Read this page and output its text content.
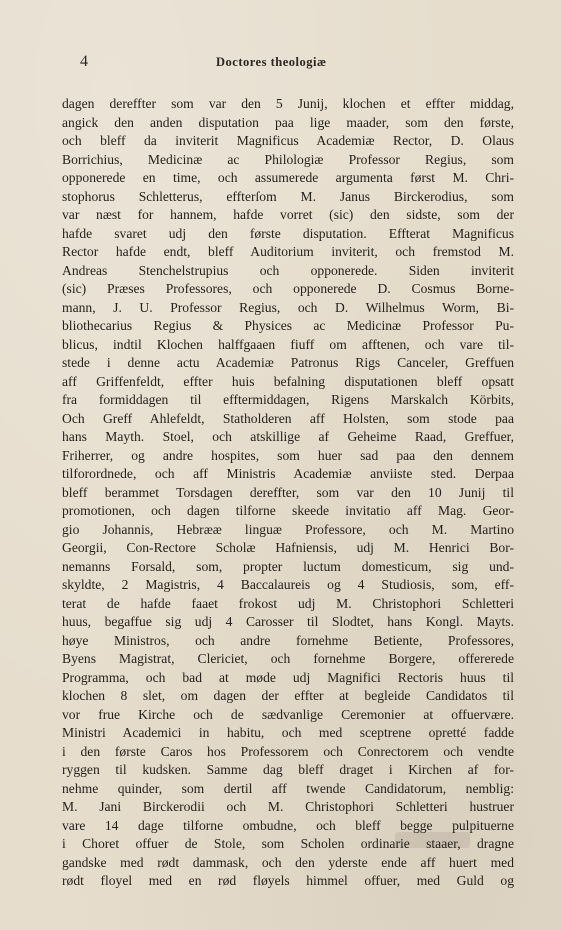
4	Doctores theologiæ
dagen dereffter som var den 5 Junij, klochen et effter middag,
angick den anden disputation paa lige maader, som den første,
och bleff da inviterit Magnificus Academiæ Rector, D. Olaus
Borrichius, Medicinæ ac Philologiæ Professor Regius, som
opponerede en time, och assumerede argumenta først M. Chri-
stophorus Schletterus, effterſom M. Janus Birckerodius, som
var næst for hannem, hafde vorret (sic) den sidste, som der
hafde svaret udj den første disputation. Effterat Magnificus
Rector hafde endt, bleff Auditorium inviterit, och fremstod M.
Andreas Stenchelstrupius och opponerede. Siden inviterit
(sic) Præses Professores, och opponerede D. Cosmus Borne-
mann, J. U. Professor Regius, och D. Wilhelmus Worm, Bi-
bliothecarius Regius & Physices ac Medicinæ Professor Pu-
blicus, indtil Klochen halffgaaen fiuff om afftenen, och vare til-
stede i denne actu Academiæ Patronus Rigs Canceler, Greffuen
aff Griffenfeldt, effter huis befalning disputationen bleff opsatt
fra formiddagen til efftermiddagen, Rigens Marskalch Körbits,
Och Greff Ahlefeldt, Statholderen aff Holsten, som stode paa
hans Mayth. Stoel, och atskillige af Geheime Raad, Greffuer,
Friherrer, og andre hospites, som huer sad paa den dennem
tilforordnede, och aff Ministris Academiæ anviiste sted. Derpaa
bleff berammet Torsdagen dereffter, som var den 10 Junij til
promotionen, och dagen tilforne skeede invitatio aff Mag. Geor-
gio Johannis, Hebrææ linguæ Professore, och M. Martino
Georgii, Con-Rectore Scholæ Hafniensis, udj M. Henrici Bor-
nemanns Forsald, som, propter luctum domesticum, sig und-
skyldte, 2 Magistris, 4 Baccalaureis og 4 Studiosis, som, eff-
terat de hafde faaet frokost udj M. Christophori Schletteri
huus, begaffue sig udj 4 Carosser til Slodtet, hans Kongl. Mayts.
høye Ministros, och andre fornehme Betiente, Professores,
Byens Magistrat, Clericiet, och fornehme Borgere, offererede
Programma, och bad at møde udj Magnifici Rectoris huus til
klochen 8 slet, om dagen der effter at begleide Candidatos til
vor frue Kirche och de sædvanlige Ceremonier at offuervære.
Ministri Academici in habitu, och med sceptrene opretté fadde
i den første Caros hos Professorem och Conrectorem och vendte
ryggen til kudsken. Samme dag bleff draget i Kirchen af for-
nehme quinder, som dertil aff twende Candidatorum, nemblig:
M. Jani Birckerodii och M. Christophori Schletteri hustruer
vare 14 dage tilforne ombudne, och bleff begge pulpituerne
i Choret offuer de Stole, som Scholen ordinarie staaer, dragne
gandske med rødt dammask, och den yderste ende aff huert med
rødt floyel med en rød fløyels himmel offuer, med Guld og
